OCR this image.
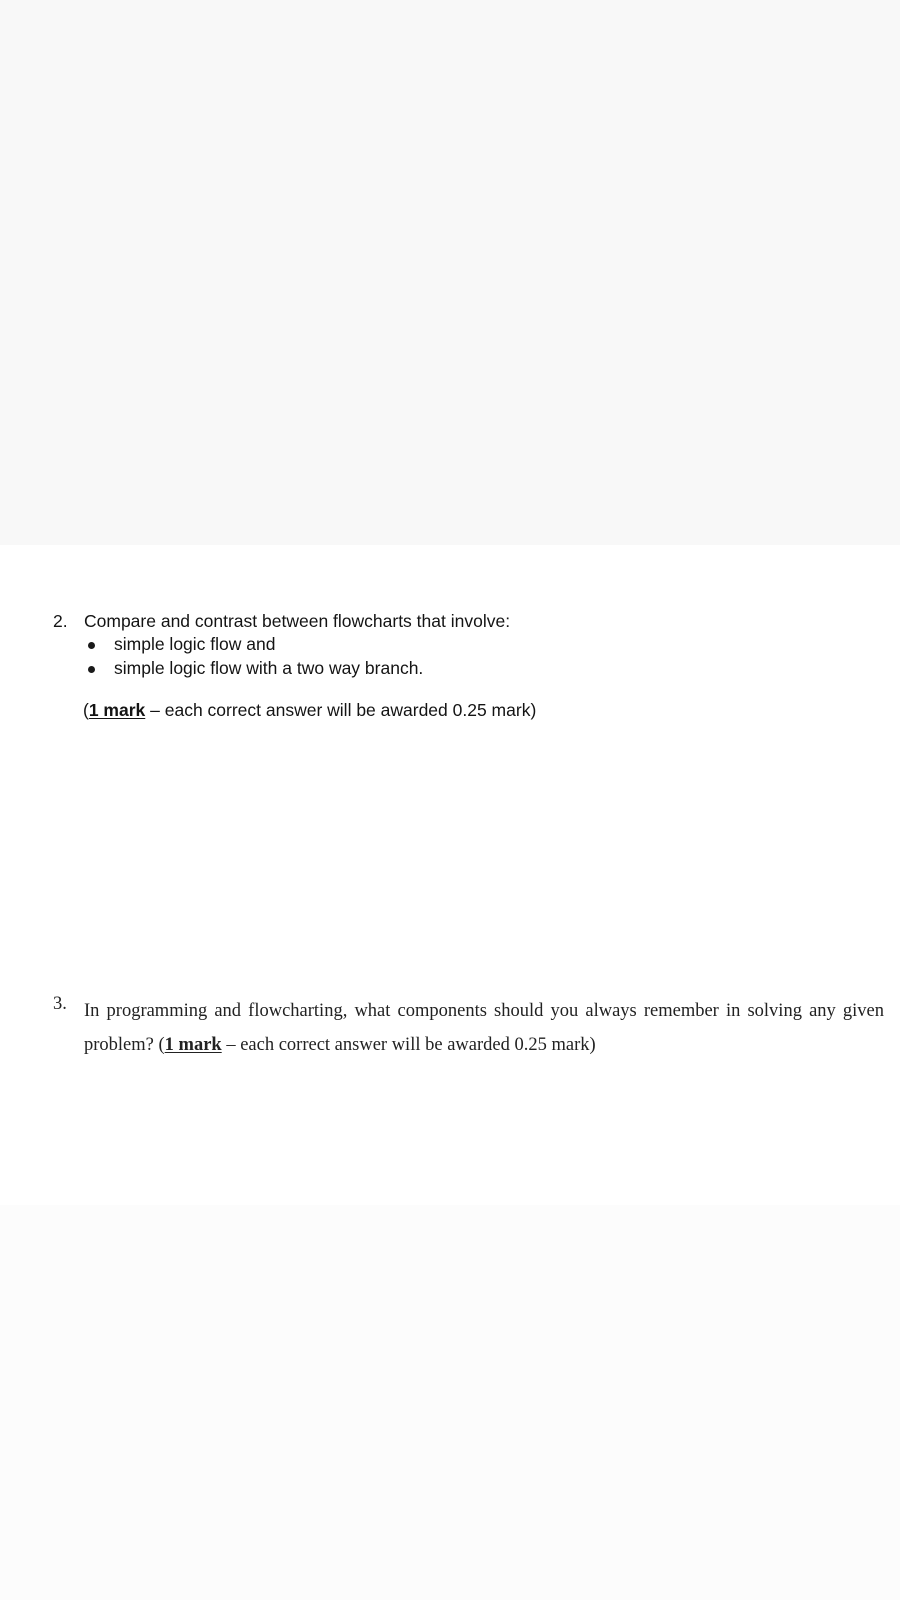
2. Compare and contrast between flowcharts that involve:
simple logic flow and
simple logic flow with a two way branch.
(1 mark – each correct answer will be awarded 0.25 mark)
3. In programming and flowcharting, what components should you always remember in solving any given
problem? (1 mark – each correct answer will be awarded 0.25 mark)
